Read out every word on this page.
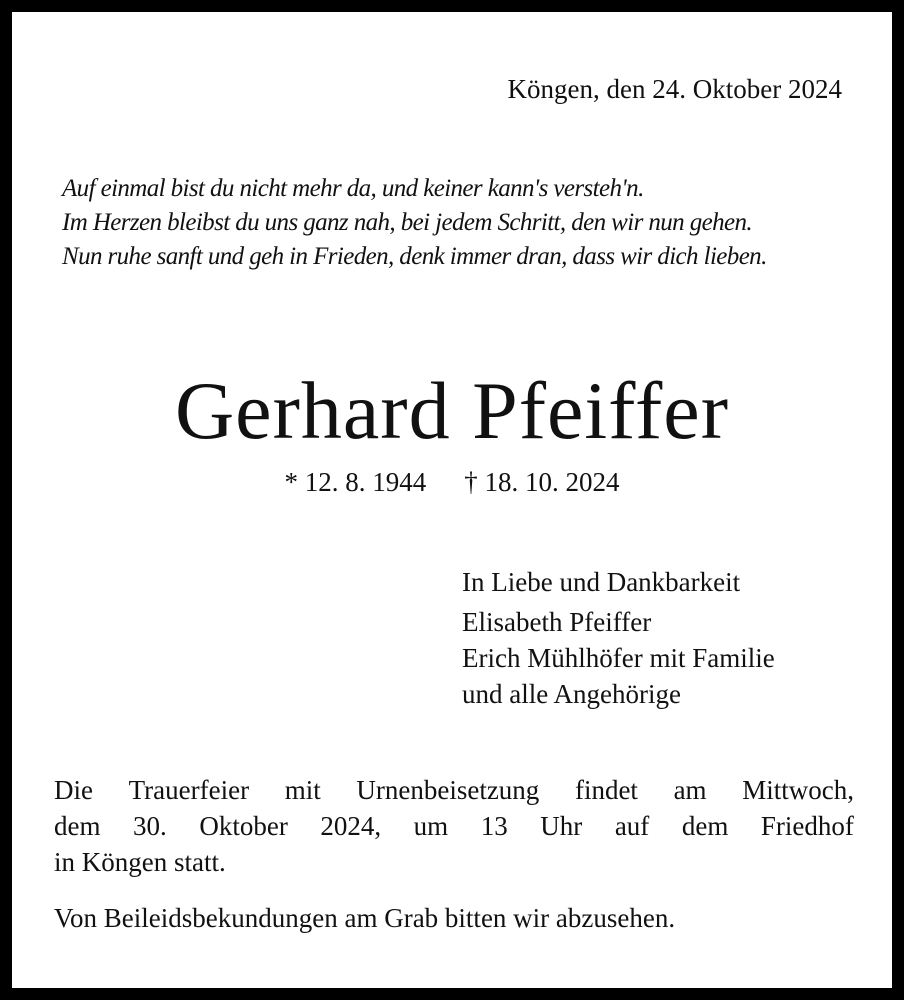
Köngen, den 24. Oktober 2024
Auf einmal bist du nicht mehr da, und keiner kann's versteh'n.
Im Herzen bleibst du uns ganz nah, bei jedem Schritt, den wir nun gehen.
Nun ruhe sanft und geh in Frieden, denk immer dran, dass wir dich lieben.
Gerhard Pfeiffer
* 12. 8. 1944 † 18. 10. 2024
In Liebe und Dankbarkeit
Elisabeth Pfeiffer
Erich Mühlhöfer mit Familie
und alle Angehörige
Die Trauerfeier mit Urnenbeisetzung findet am Mittwoch,
dem 30. Oktober 2024, um 13 Uhr auf dem Friedhof
in Köngen statt.
Von Beileidsbekundungen am Grab bitten wir abzusehen.
